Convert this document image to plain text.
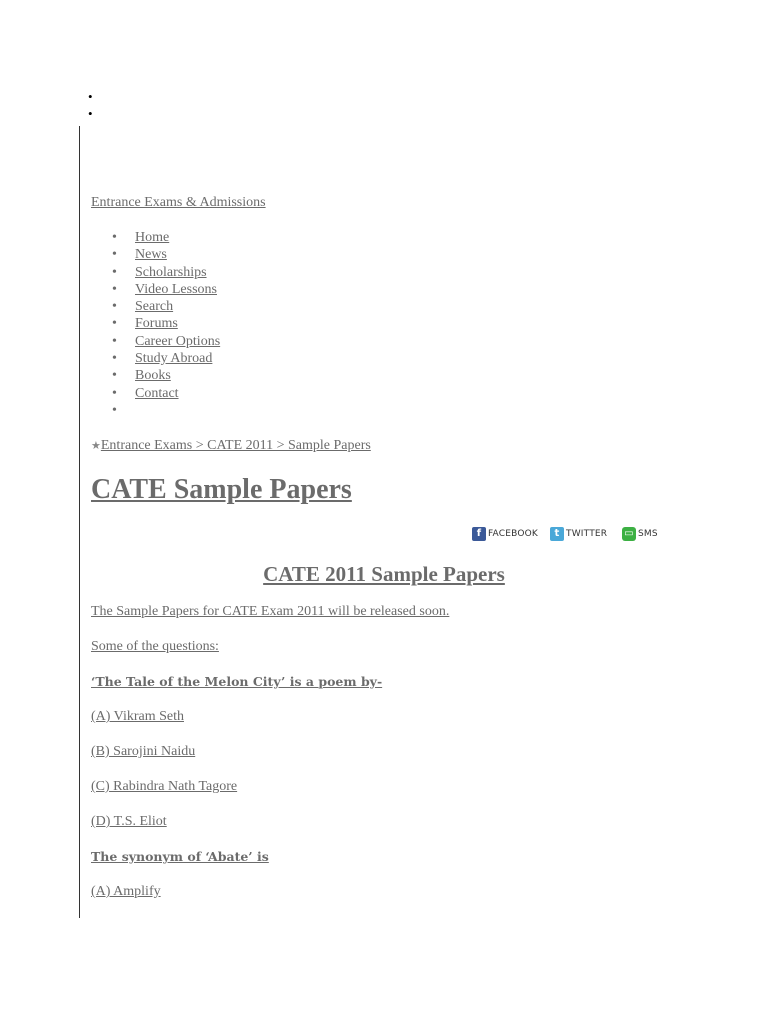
•
•
Entrance Exams & Admissions
• Home
• News
• Scholarships
• Video Lessons
• Search
• Forums
• Career Options
• Study Abroad
• Books
• Contact
•
★Entrance Exams > CATE 2011 > Sample Papers
CATE Sample Papers
f FACEBOOK	t TWITTER ▭ SMS
CATE 2011 Sample Papers

The Sample Papers for CATE Exam 2011 will be released soon.

Some of the questions:

‘The Tale of the Melon City’ is a poem by-

(A) Vikram Seth

(B) Sarojini Naidu

(C) Rabindra Nath Tagore

(D) T.S. Eliot

The synonym of ‘Abate’ is

(A) Amplify
